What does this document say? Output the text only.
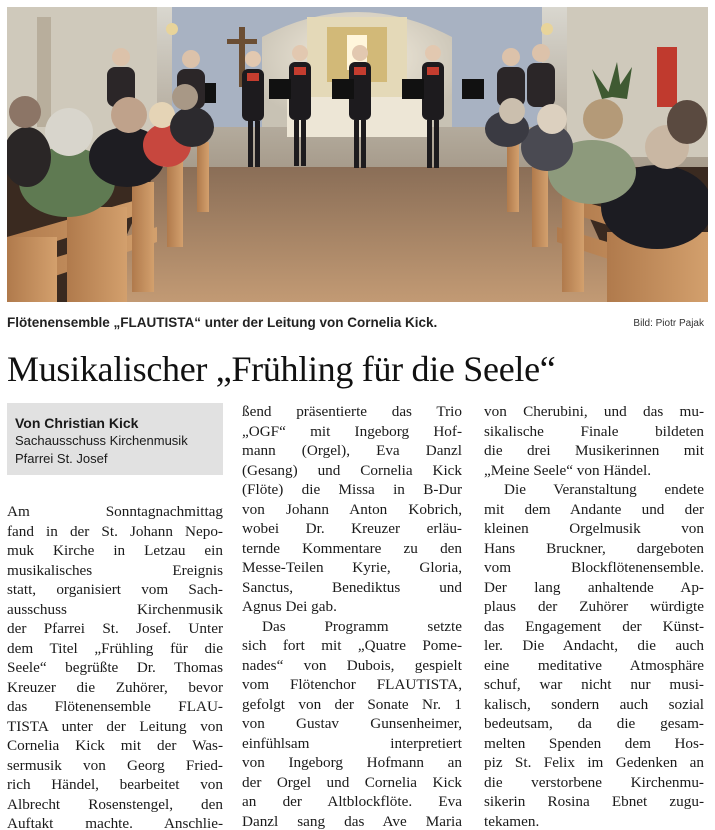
Flötenensemble „FLAUTISTA“ unter der Leitung von Cornelia Kick.	Bild: Piotr Pajak
Musikalischer „Frühling für die Seele“
Von Christian Kick
Sachausschuss Kirchenmusik
Pfarrei St. Josef
Am Sonntagnachmittag
fand in der St. Johann Nepo-
muk Kirche in Letzau ein
musikalisches Ereignis
statt, organisiert vom Sach-
ausschuss Kirchenmusik
der Pfarrei St. Josef. Unter
dem Titel „Frühling für die
Seele“ begrüßte Dr. Thomas
Kreuzer die Zuhörer, bevor
das Flötenensemble FLAU-
TISTA unter der Leitung von
Cornelia Kick mit der Was-
sermusik von Georg Fried-
rich Händel, bearbeitet von
Albrecht Rosenstengel, den
Auftakt machte. Anschlie-
ßend präsentierte das Trio
„OGF“ mit Ingeborg Hof-
mann (Orgel), Eva Danzl
(Gesang) und Cornelia Kick
(Flöte) die Missa in B-Dur
von Johann Anton Kobrich,
wobei Dr. Kreuzer erläu-
ternde Kommentare zu den
Messe-Teilen Kyrie, Gloria,
Sanctus, Benediktus und
Agnus Dei gab.
Das Programm setzte
sich fort mit „Quatre Pome-
nades“ von Dubois, gespielt
vom Flötenchor FLAUTISTA,
gefolgt von der Sonate Nr. 1
von Gustav Gunsenheimer,
einfühlsam interpretiert
von Ingeborg Hofmann an
der Orgel und Cornelia Kick
an der Altblockflöte. Eva
Danzl sang das Ave Maria
von Cherubini, und das mu-
sikalische Finale bildeten
die drei Musikerinnen mit
„Meine Seele“ von Händel.
Die Veranstaltung endete
mit dem Andante und der
kleinen Orgelmusik von
Hans Bruckner, dargeboten
vom Blockflötenensemble.
Der lang anhaltende Ap-
plaus der Zuhörer würdigte
das Engagement der Künst-
ler. Die Andacht, die auch
eine meditative Atmosphäre
schuf, war nicht nur musi-
kalisch, sondern auch sozial
bedeutsam, da die gesam-
melten Spenden dem Hos-
piz St. Felix im Gedenken an
die verstorbene Kirchenmu-
sikerin Rosina Ebnet zugu-
tekamen.
